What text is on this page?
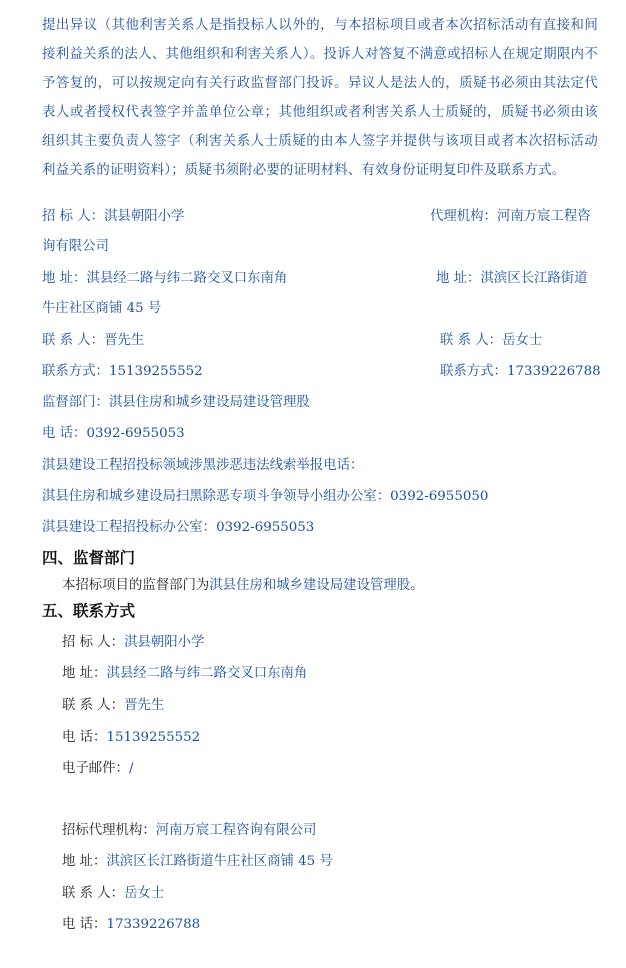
提出异议（其他利害关系人是指投标人以外的，与本招标项目或者本次招标活动有直接和间接利益关系的法人、其他组织和利害关系人）。投诉人对答复不满意或招标人在规定期限内不予答复的，可以按规定向有关行政监督部门投诉。异议人是法人的，质疑书必须由其法定代表人或者授权代表签字并盖单位公章；其他组织或者利害关系人士质疑的，质疑书必须由该组织其主要负责人签字（利害关系人士质疑的由本人签字并提供与该项目或者本次招标活动利益关系的证明资料）；质疑书须附必要的证明材料、有效身份证明复印件及联系方式。
招 标 人：淇县朝阳小学	代理机构：河南万宸工程咨
询有限公司
地 址：淇县经二路与纬二路交叉口东南角	地 址：淇滨区长江路街道
牛庄社区商铺 45 号
联 系 人：晋先生	联 系 人：岳女士
联系方式：15139255552	联系方式：17339226788
监督部门：淇县住房和城乡建设局建设管理股
电 话：0392-6955053
淇县建设工程招投标领域涉黑涉恶违法线索举报电话：
淇县住房和城乡建设局扫黑除恶专项斗争领导小组办公室：0392-6955050
淇县建设工程招投标办公室：0392-6955053
四、监督部门
本招标项目的监督部门为淇县住房和城乡建设局建设管理股。
五、联系方式
招 标 人：淇县朝阳小学
地 址：淇县经二路与纬二路交叉口东南角
联 系 人：晋先生
电 话：15139255552
电子邮件：/
招标代理机构：河南万宸工程咨询有限公司
地 址：淇滨区长江路街道牛庄社区商铺 45 号
联 系 人：岳女士
电 话：17339226788
